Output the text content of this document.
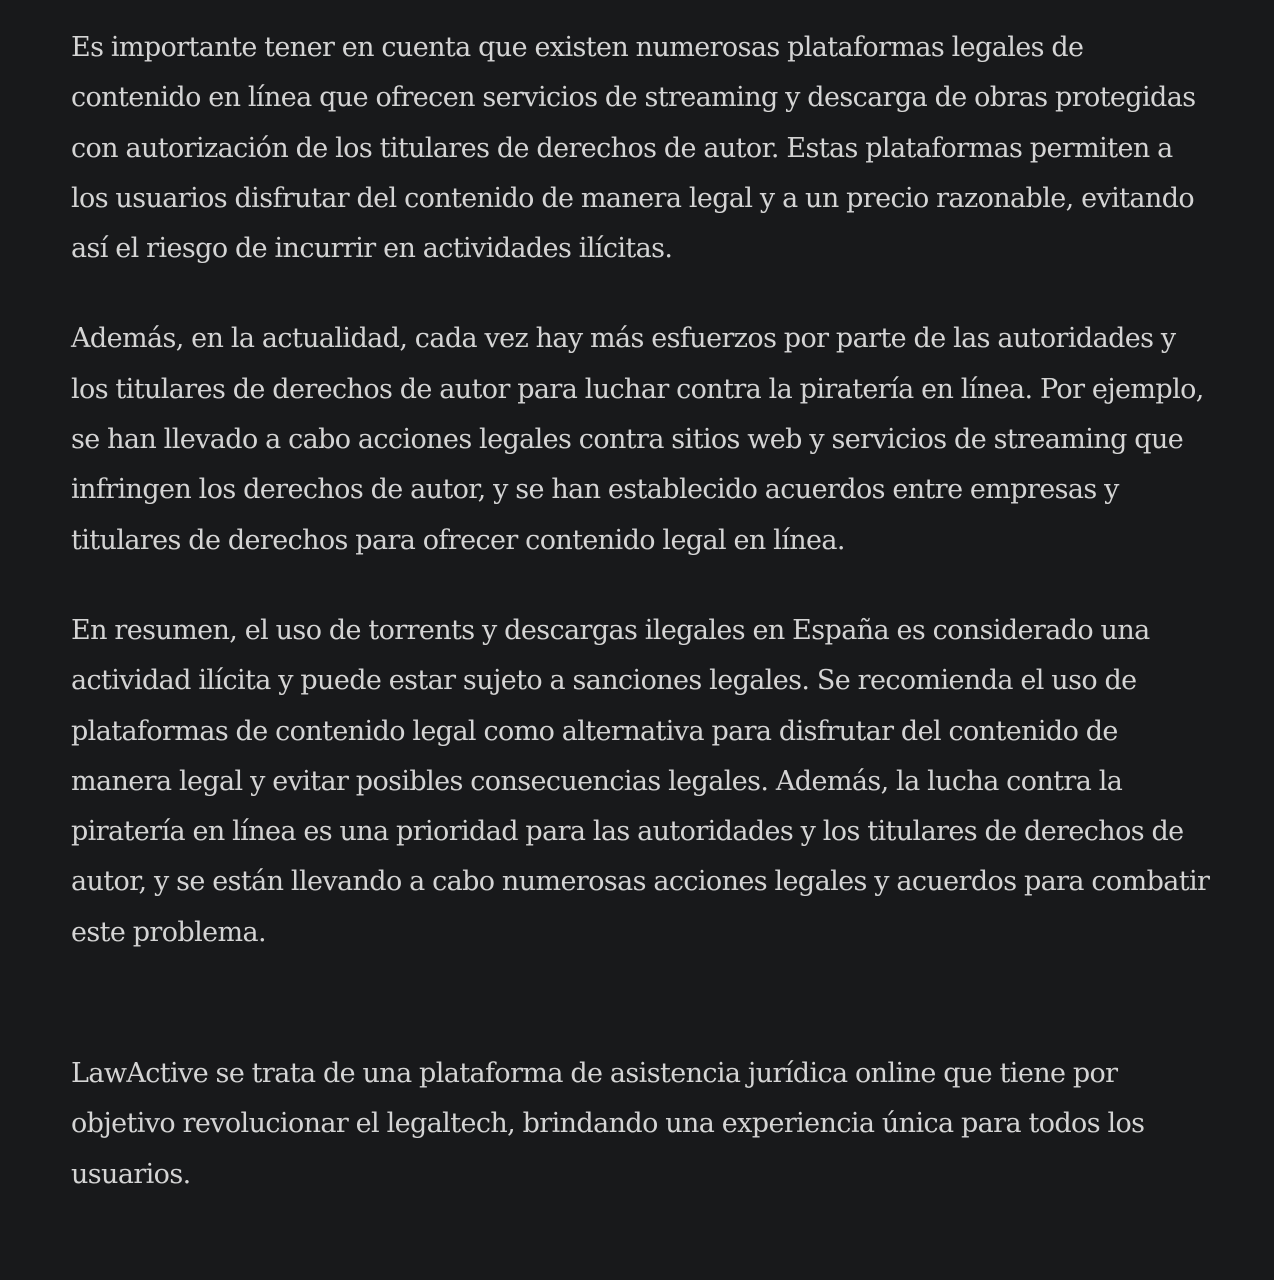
Es importante tener en cuenta que existen numerosas plataformas legales de contenido en línea que ofrecen servicios de streaming y descarga de obras protegidas con autorización de los titulares de derechos de autor. Estas plataformas permiten a los usuarios disfrutar del contenido de manera legal y a un precio razonable, evitando así el riesgo de incurrir en actividades ilícitas.

Además, en la actualidad, cada vez hay más esfuerzos por parte de las autoridades y los titulares de derechos de autor para luchar contra la piratería en línea. Por ejemplo, se han llevado a cabo acciones legales contra sitios web y servicios de streaming que infringen los derechos de autor, y se han establecido acuerdos entre empresas y titulares de derechos para ofrecer contenido legal en línea.

En resumen, el uso de torrents y descargas ilegales en España es considerado una actividad ilícita y puede estar sujeto a sanciones legales. Se recomienda el uso de plataformas de contenido legal como alternativa para disfrutar del contenido de manera legal y evitar posibles consecuencias legales. Además, la lucha contra la piratería en línea es una prioridad para las autoridades y los titulares de derechos de autor, y se están llevando a cabo numerosas acciones legales y acuerdos para combatir este problema.

LawActive se trata de una plataforma de asistencia jurídica online que tiene por objetivo revolucionar el legaltech, brindando una experiencia única para todos los usuarios.
